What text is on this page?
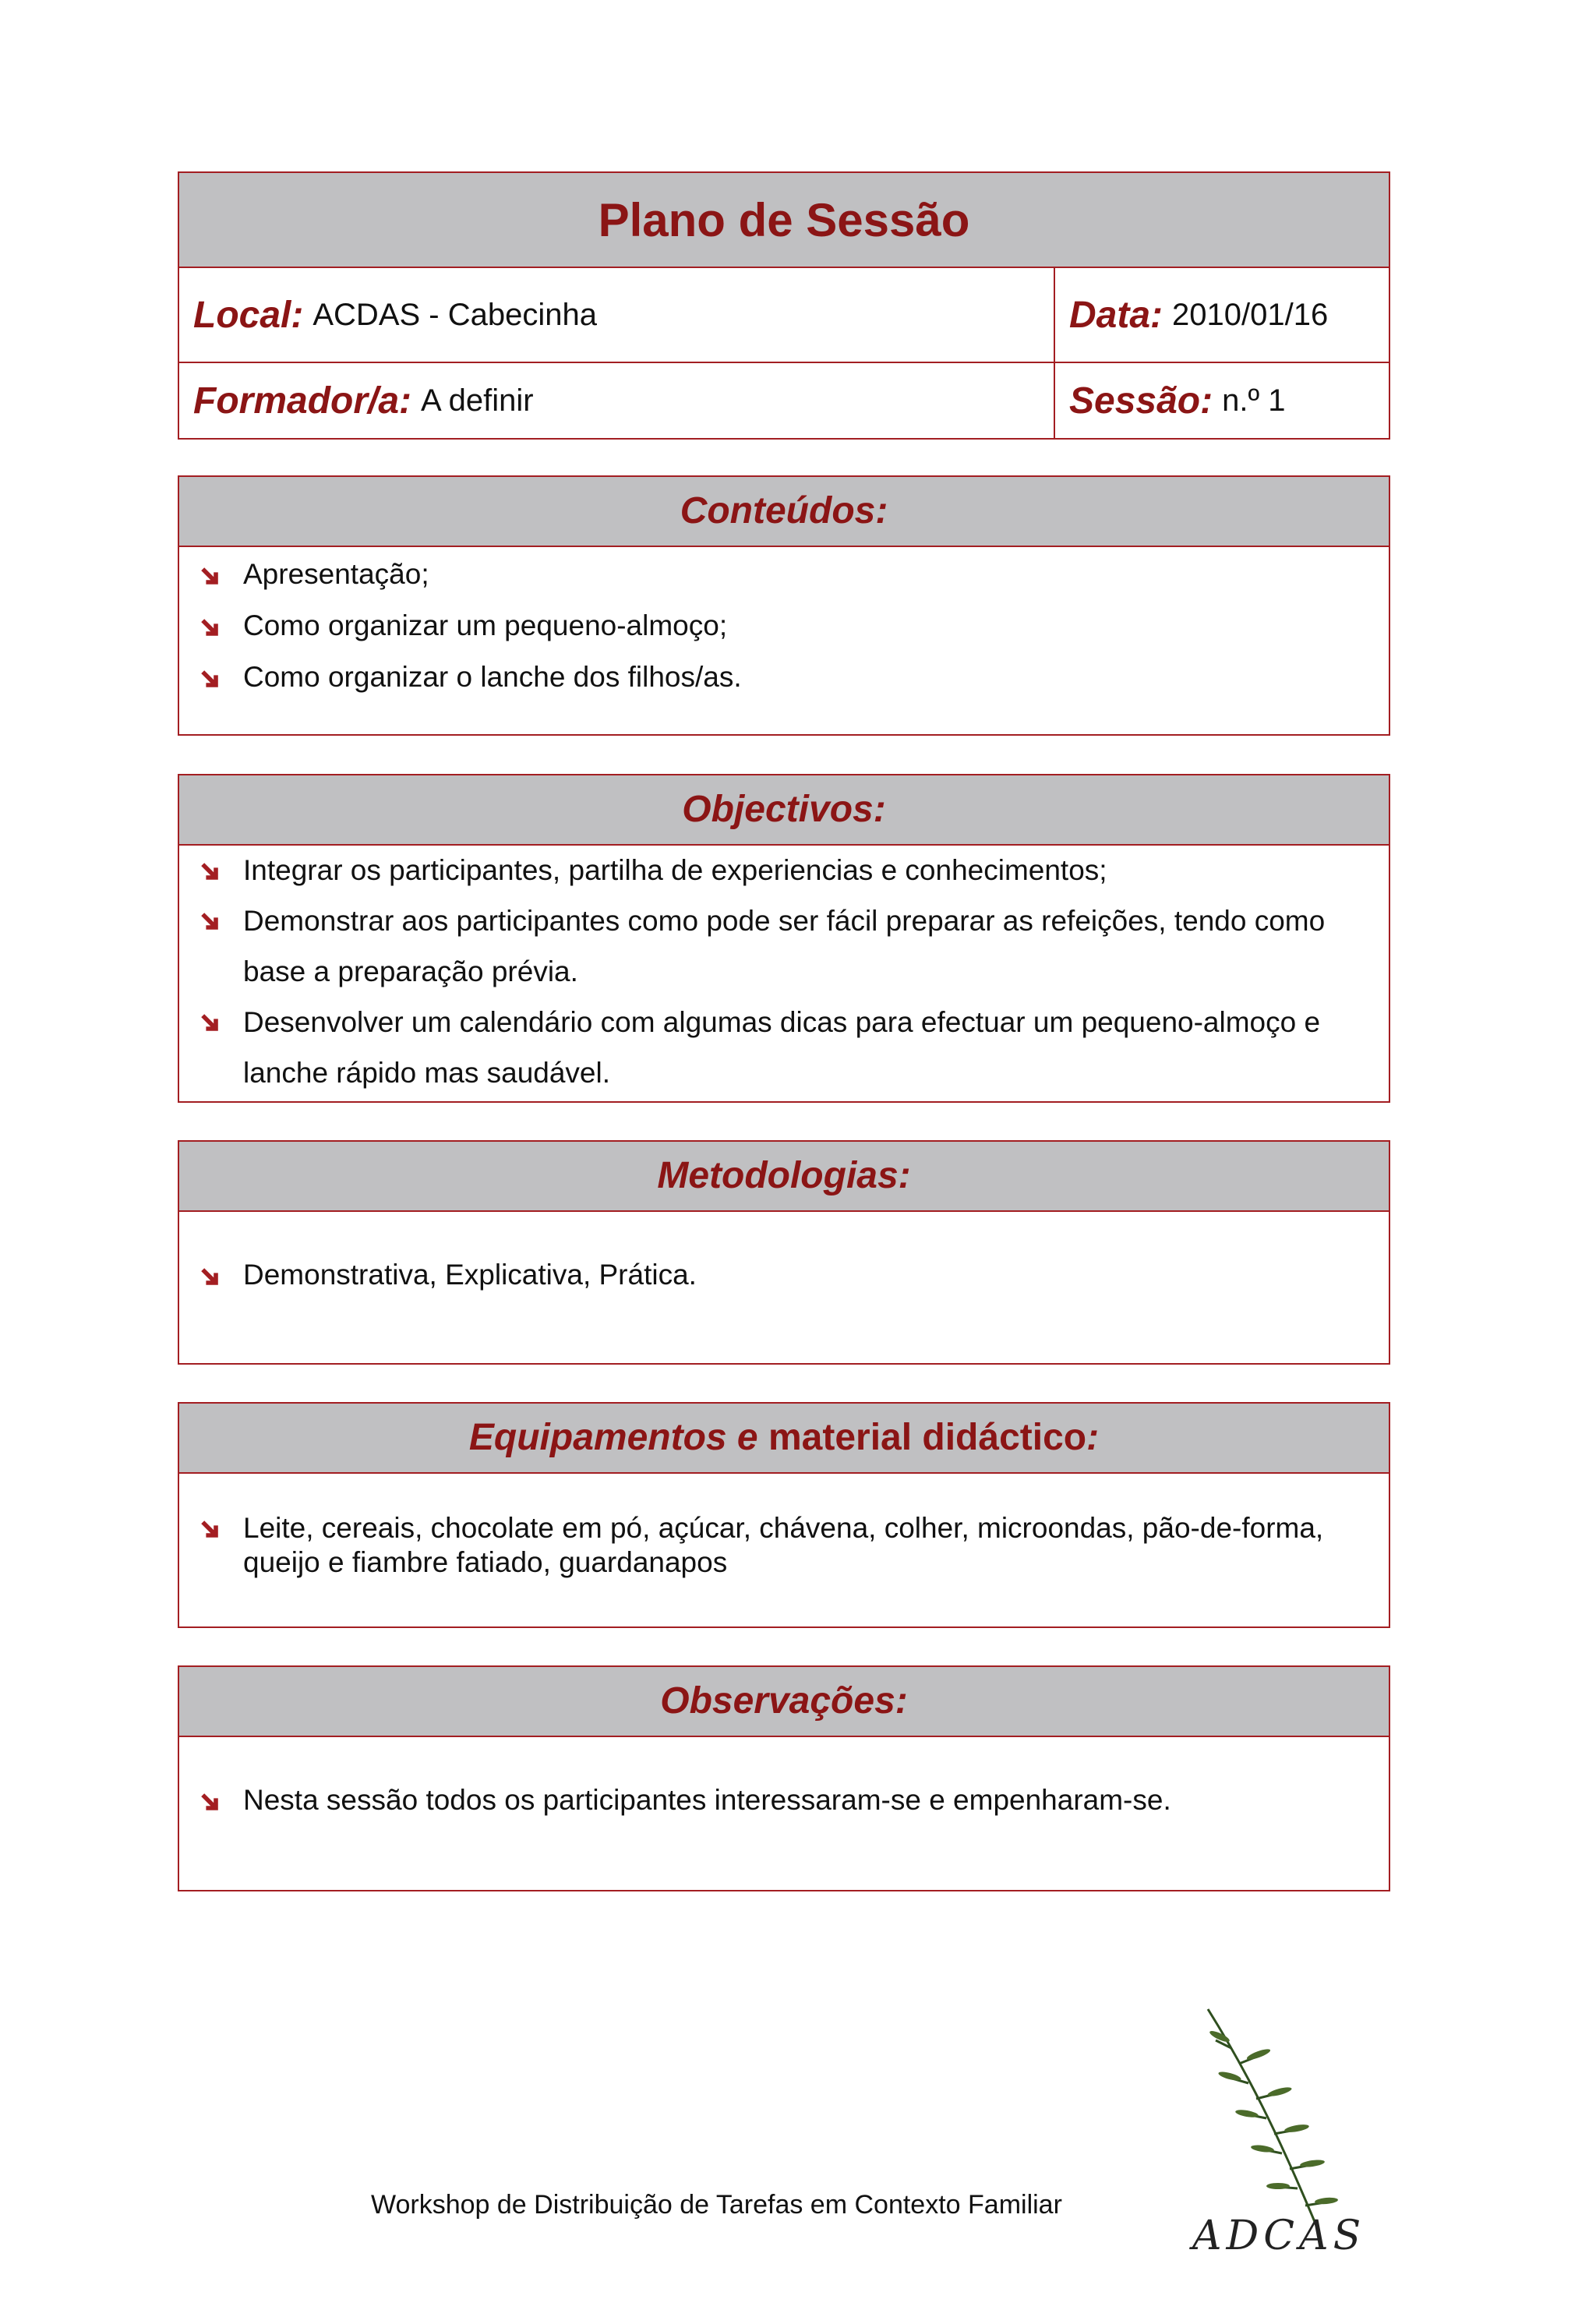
Plano de Sessão
Local: ACDAS - Cabecinha	Data: 2010/01/16
Formador/a: A definir	Sessão: n.º 1
Conteúdos:
Apresentação;
Como organizar um pequeno-almoço;
Como organizar o lanche dos filhos/as.
Objectivos:
Integrar os participantes, partilha de experiencias e conhecimentos;
Demonstrar aos participantes como pode ser fácil preparar as refeições, tendo como base a preparação prévia.
Desenvolver um calendário com algumas dicas para efectuar um pequeno-almoço e lanche rápido mas saudável.
Metodologias:
Demonstrativa, Explicativa, Prática.
Equipamentos e material didáctico:
Leite, cereais, chocolate em pó, açúcar, chávena, colher, microondas, pão-de-forma, queijo e fiambre fatiado, guardanapos
Observações:
Nesta sessão todos os participantes interessaram-se e empenharam-se.
Workshop de Distribuição de Tarefas em Contexto Familiar
ADCAS
